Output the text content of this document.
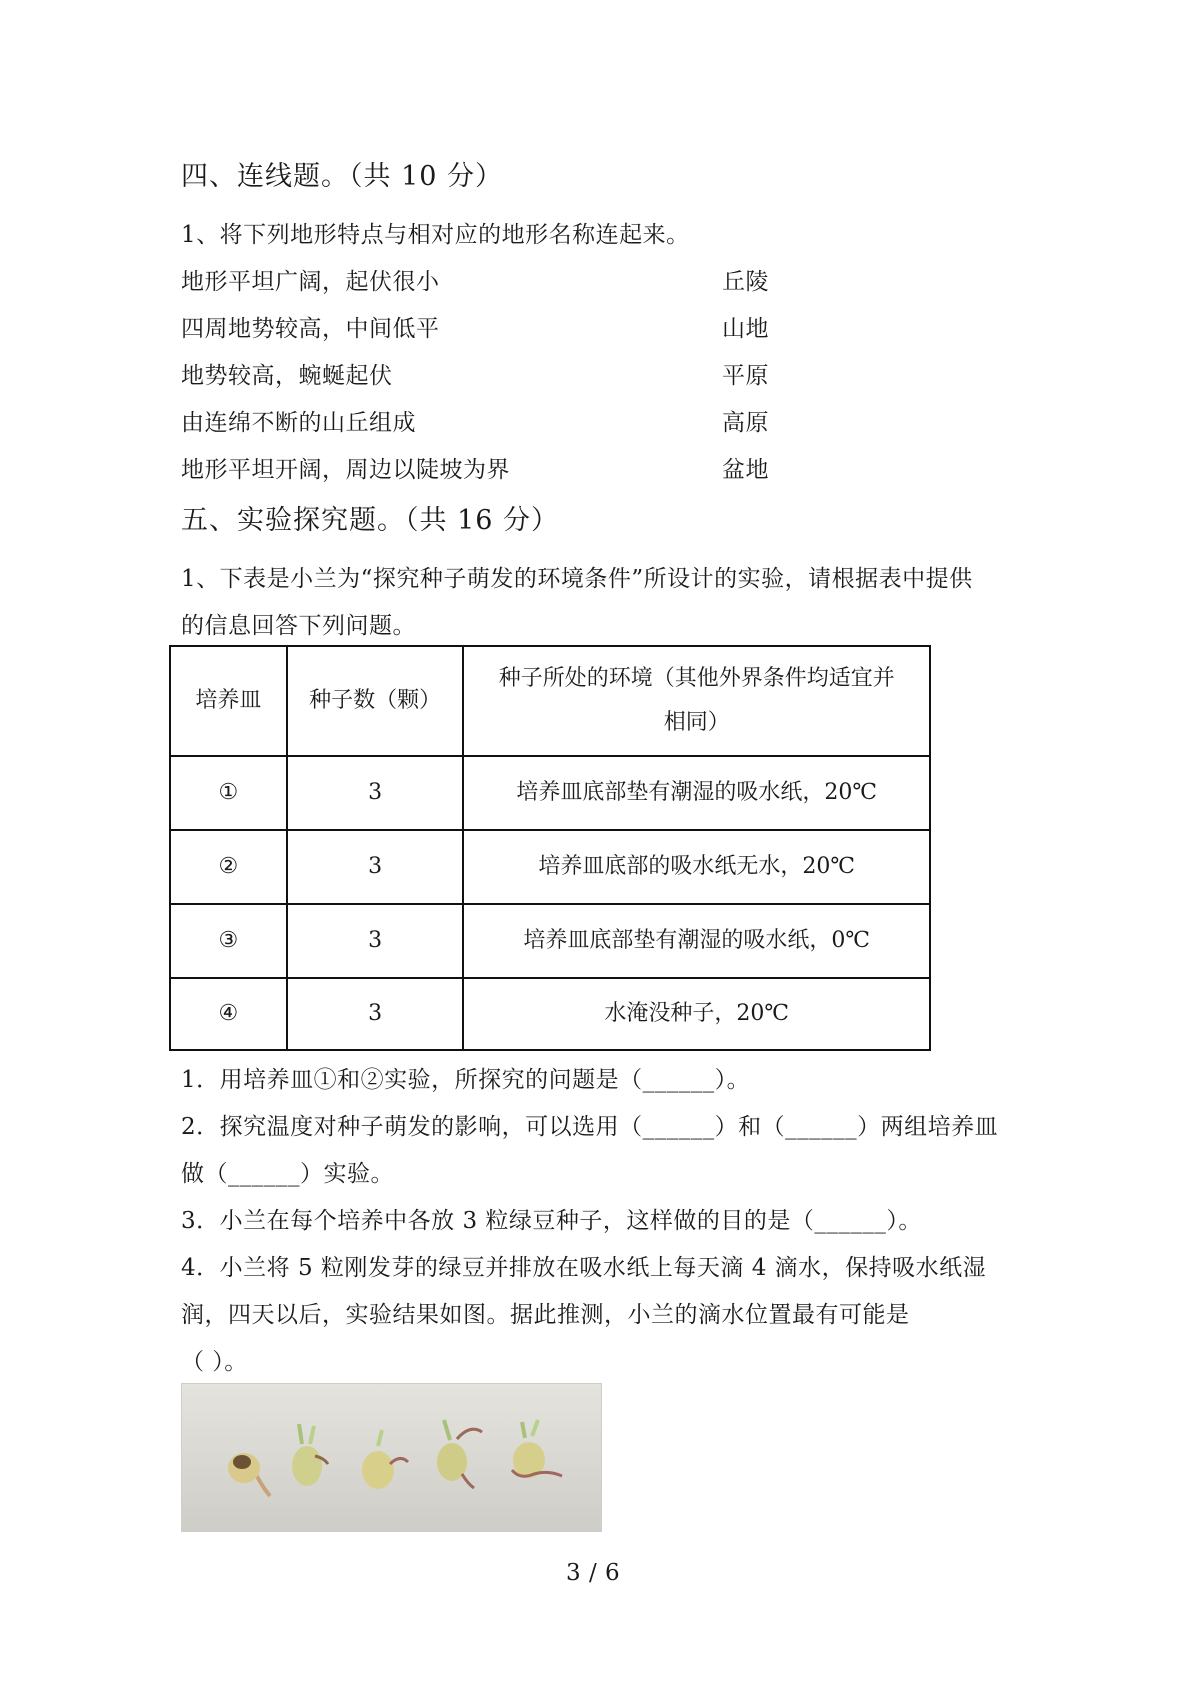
四、连线题。（共 10 分）
1、将下列地形特点与相对应的地形名称连起来。
地形平坦广阔，起伏很小	丘陵
四周地势较高，中间低平	山地
地势较高，蜿蜒起伏	平原
由连绵不断的山丘组成	高原
地形平坦开阔，周边以陡坡为界	盆地
五、实验探究题。（共 16 分）
1、下表是小兰为“探究种子萌发的环境条件”所设计的实验，请根据表中提供
的信息回答下列问题。
培养皿	种子数（颗）	种子所处的环境（其他外界条件均适宜并
相同）

①	3	培养皿底部垫有潮湿的吸水纸，20℃
②	3	培养皿底部的吸水纸无水，20℃
③	3	培养皿底部垫有潮湿的吸水纸，0℃
④	3	水淹没种子，20℃
1．用培养皿①和②实验，所探究的问题是（______）。
2．探究温度对种子萌发的影响，可以选用（______）和（______）两组培养皿
做（______）实验。
3．小兰在每个培养中各放 3 粒绿豆种子，这样做的目的是（______）。
4．小兰将 5 粒刚发芽的绿豆并排放在吸水纸上每天滴 4 滴水，保持吸水纸湿
润，四天以后，实验结果如图。据此推测，小兰的滴水位置最有可能是
（ ）。
3 / 6
